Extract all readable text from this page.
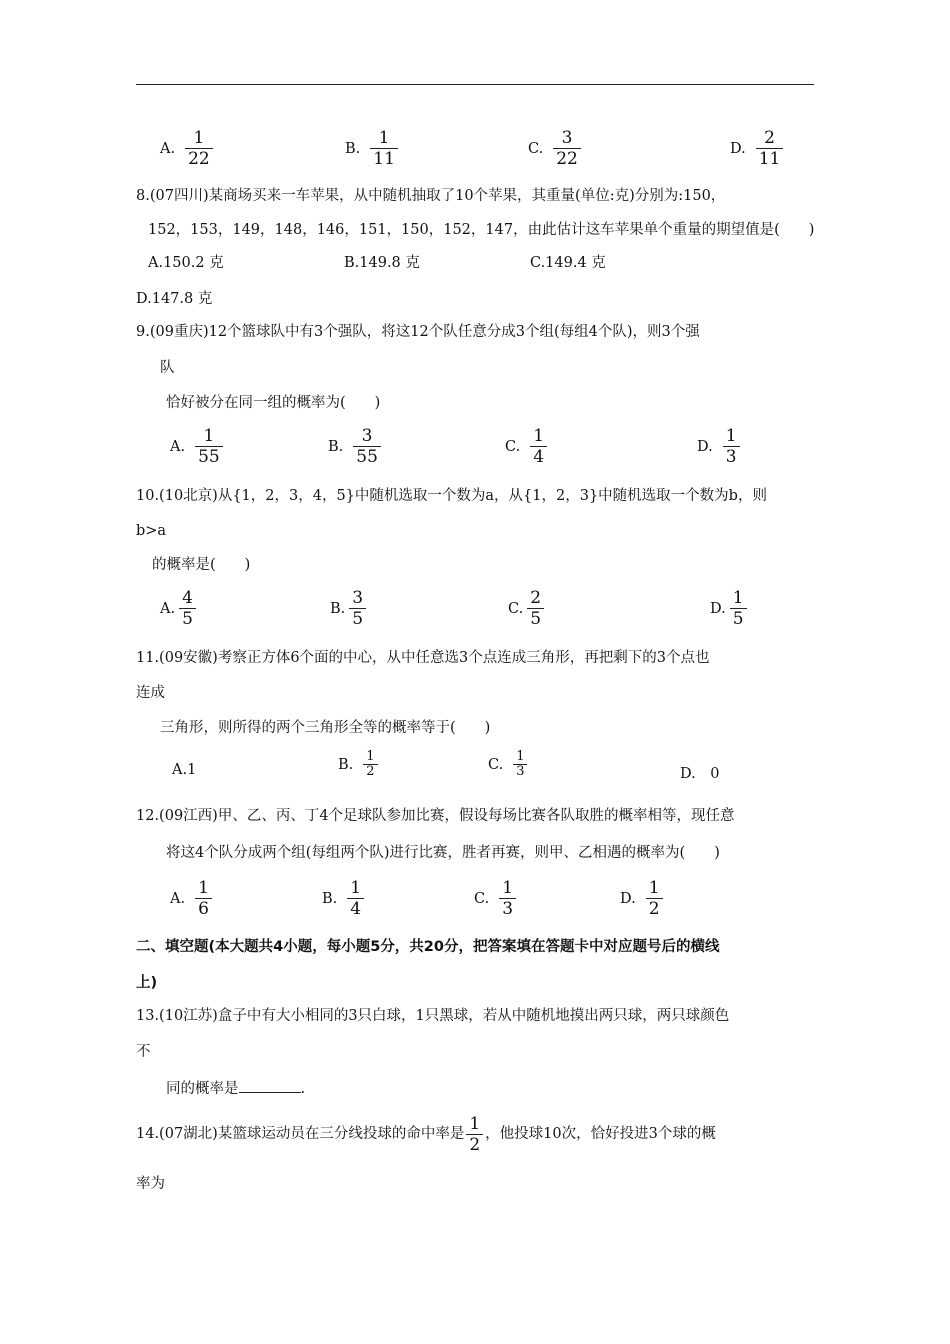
A. $\frac{1}{22}$	B. $\frac{1}{11}$	C. $\frac{3}{22}$	D. $\frac{2}{11}$
8.(07四川)某商场买来一车苹果，从中随机抽取了10个苹果，其重量(单位:克)分别为:150，
152，153，149，148，146，151，150，152，147，由此估计这车苹果单个重量的期望值是(　　)
A.150.2 克	B.149.8 克	C.149.4 克
D.147.8 克
9.(09重庆)12个篮球队中有3个强队，将这12个队任意分成3个组(每组4个队)，则3个强
队
恰好被分在同一组的概率为(　　)
A. $\frac{1}{55}$	B. $\frac{3}{55}$	C. $\frac{1}{4}$	D. $\frac{1}{3}$
10.(10北京)从{1，2，3，4，5}中随机选取一个数为a，从{1，2，3}中随机选取一个数为b，则
b>a
的概率是(　　)
A. $\frac{4}{5}$	B. $\frac{3}{5}$	C. $\frac{2}{5}$	D. $\frac{1}{5}$
11.(09安徽)考察正方体6个面的中心，从中任意选3个点连成三角形，再把剩下的3个点也
连成
三角形，则所得的两个三角形全等的概率等于(　　)
A.1	B. $\frac{1}{2}$	C. $\frac{1}{3}$	D.　0
12.(09江西)甲、乙、丙、丁4个足球队参加比赛，假设每场比赛各队取胜的概率相等，现任意
将这4个队分成两个组(每组两个队)进行比赛，胜者再赛，则甲、乙相遇的概率为(　　)
A. $\frac{1}{6}$	B. $\frac{1}{4}$	C. $\frac{1}{3}$	D. $\frac{1}{2}$
二、填空题(本大题共4小题，每小题5分，共20分，把答案填在答题卡中对应题号后的横线
上)
13.(10江苏)盒子中有大小相同的3只白球，1只黑球，若从中随机地摸出两只球，两只球颜色
不
同的概率是	.
14.(07湖北)某篮球运动员在三分线投球的命中率是 $\frac{1}{2}$ ，他投球10次，恰好投进3个球的概
率为
